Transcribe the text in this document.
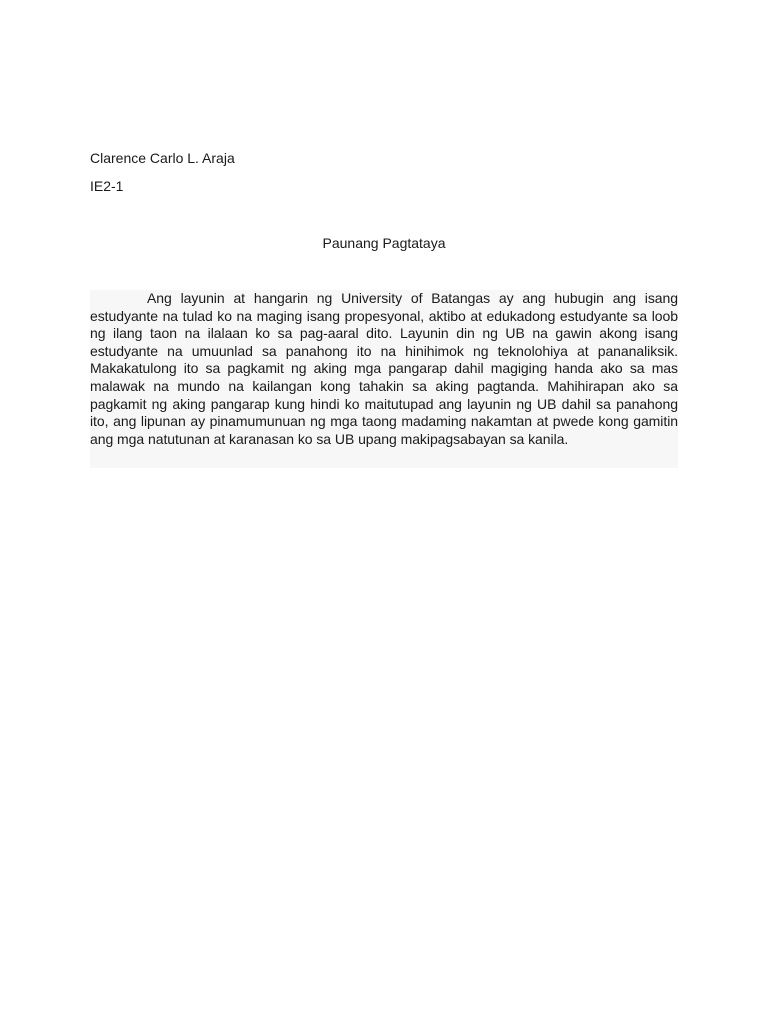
Clarence Carlo L. Araja
IE2-1
Paunang Pagtataya

Ang layunin at hangarin ng University of Batangas ay ang hubugin ang isang estudyante na tulad ko na maging isang propesyonal, aktibo at edukadong estudyante sa loob ng ilang taon na ilalaan ko sa pag-aaral dito. Layunin din ng UB na gawin akong isang estudyante na umuunlad sa panahong ito na hinihimok ng teknolohiya at pananaliksik. Makakatulong ito sa pagkamit ng aking mga pangarap dahil magiging handa ako sa mas malawak na mundo na kailangan kong tahakin sa aking pagtanda. Mahihirapan ako sa pagkamit ng aking pangarap kung hindi ko maitutupad ang layunin ng UB dahil sa panahong ito, ang lipunan ay pinamumunuan ng mga taong madaming nakamtan at pwede kong gamitin ang mga natutunan at karanasan ko sa UB upang makipagsabayan sa kanila.
